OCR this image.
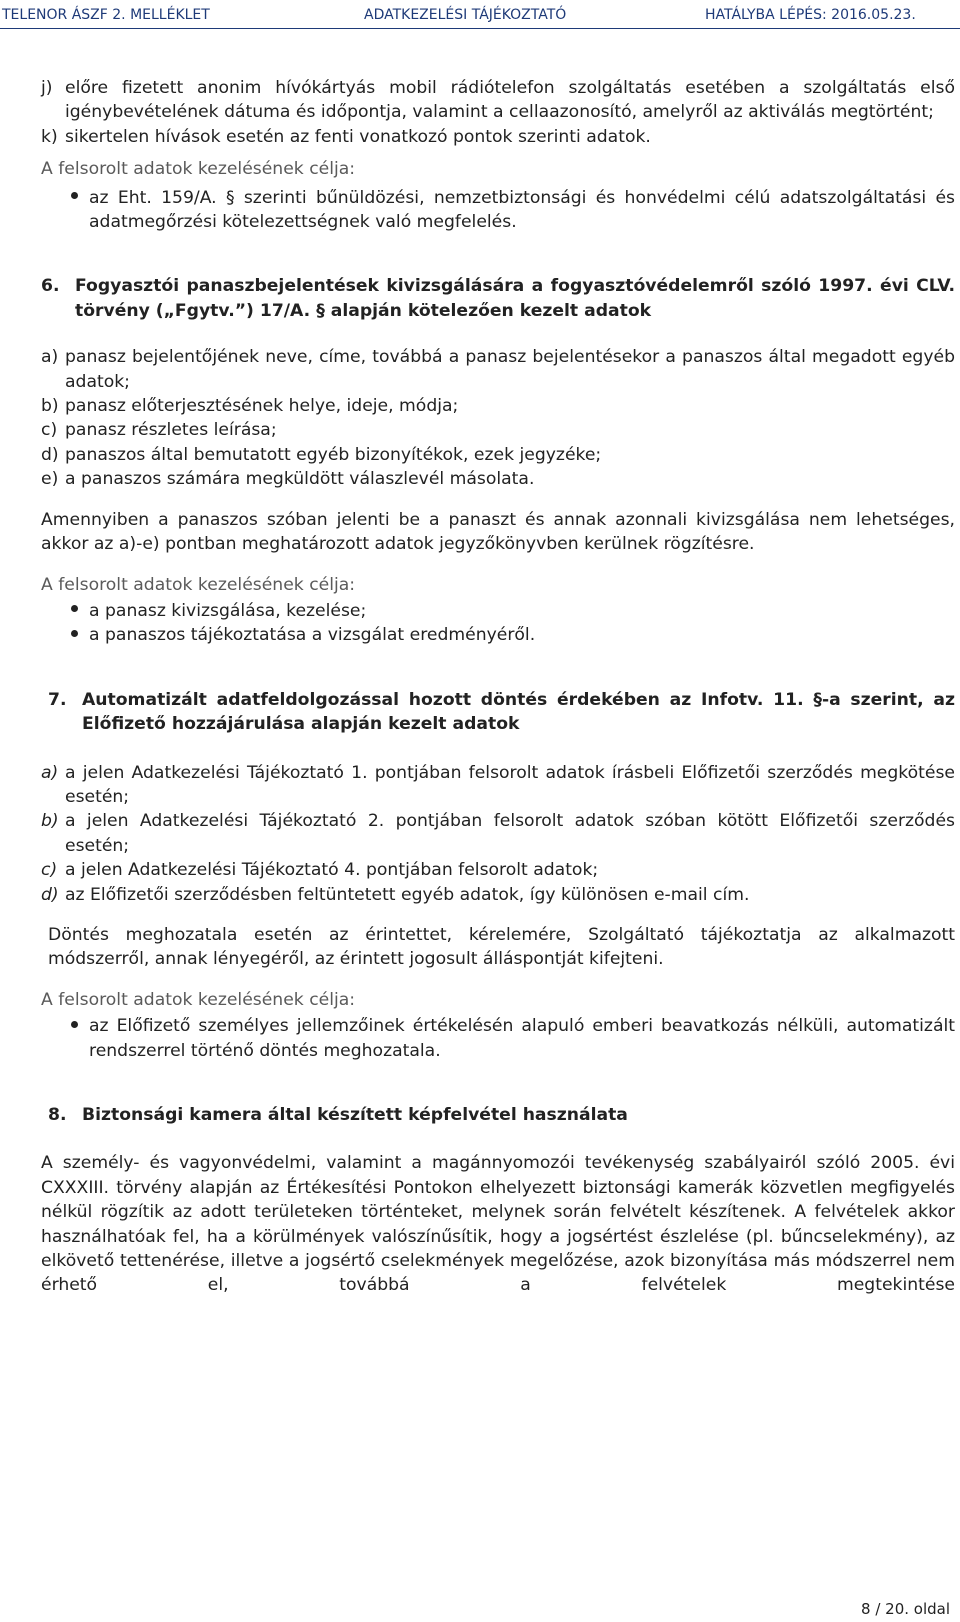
TELENOR ÁSZF 2. MELLÉKLET	ADATKEZELÉSI TÁJÉKOZTATÓ	HATÁLYBA LÉPÉS: 2016.05.23.
j) előre fizetett anonim hívókártyás mobil rádiótelefon szolgáltatás esetében a szolgáltatás első igénybevételének dátuma és időpontja, valamint a cellaazonosító, amelyről az aktiválás megtörtént;
k) sikertelen hívások esetén az fenti vonatkozó pontok szerinti adatok.

A felsorolt adatok kezelésének célja:

az Eht. 159/A. § szerinti bűnüldözési, nemzetbiztonsági és honvédelmi célú adatszolgáltatási és adatmegőrzési kötelezettségnek való megfelelés.
6. Fogyasztói panaszbejelentések kivizsgálására a fogyasztóvédelemről szóló 1997. évi CLV. törvény („Fgytv.”) 17/A. § alapján kötelezően kezelt adatok
a) panasz bejelentőjének neve, címe, továbbá a panasz bejelentésekor a panaszos által megadott egyéb adatok;
b) panasz előterjesztésének helye, ideje, módja;
c) panasz részletes leírása;
d) panaszos által bemutatott egyéb bizonyítékok, ezek jegyzéke;
e) a panaszos számára megküldött válaszlevél másolata.

Amennyiben a panaszos szóban jelenti be a panaszt és annak azonnali kivizsgálása nem lehetséges, akkor az a)-e) pontban meghatározott adatok jegyzőkönyvben kerülnek rögzítésre.

A felsorolt adatok kezelésének célja:

a panasz kivizsgálása, kezelése;
a panaszos tájékoztatása a vizsgálat eredményéről.
7. Automatizált adatfeldolgozással hozott döntés érdekében az Infotv. 11. §-a szerint, az Előfizető hozzájárulása alapján kezelt adatok
a) a jelen Adatkezelési Tájékoztató 1. pontjában felsorolt adatok írásbeli Előfizetői szerződés megkötése esetén;
b) a jelen Adatkezelési Tájékoztató 2. pontjában felsorolt adatok szóban kötött Előfizetői szerződés esetén;
c) a jelen Adatkezelési Tájékoztató 4. pontjában felsorolt adatok;
d) az Előfizetői szerződésben feltüntetett egyéb adatok, így különösen e-mail cím.

Döntés meghozatala esetén az érintettet, kérelemére, Szolgáltató tájékoztatja az alkalmazott módszerről, annak lényegéről, az érintett jogosult álláspontját kifejteni.

A felsorolt adatok kezelésének célja:

az Előfizető személyes jellemzőinek értékelésén alapuló emberi beavatkozás nélküli, automatizált rendszerrel történő döntés meghozatala.
8. Biztonsági kamera által készített képfelvétel használata

A személy- és vagyonvédelmi, valamint a magánnyomozói tevékenység szabályairól szóló 2005. évi CXXXIII. törvény alapján az Értékesítési Pontokon elhelyezett biztonsági kamerák közvetlen megfigyelés nélkül rögzítik az adott területeken történteket, melynek során felvételt készítenek. A felvételek akkor használhatóak fel, ha a körülmények valószínűsítik, hogy a jogsértést észlelése (pl. bűncselekmény), az elkövető tettenérése, illetve a jogsértő cselekmények megelőzése, azok bizonyítása más módszerrel nem érhető el, továbbá a felvételek megtekintése

8 / 20. oldal
